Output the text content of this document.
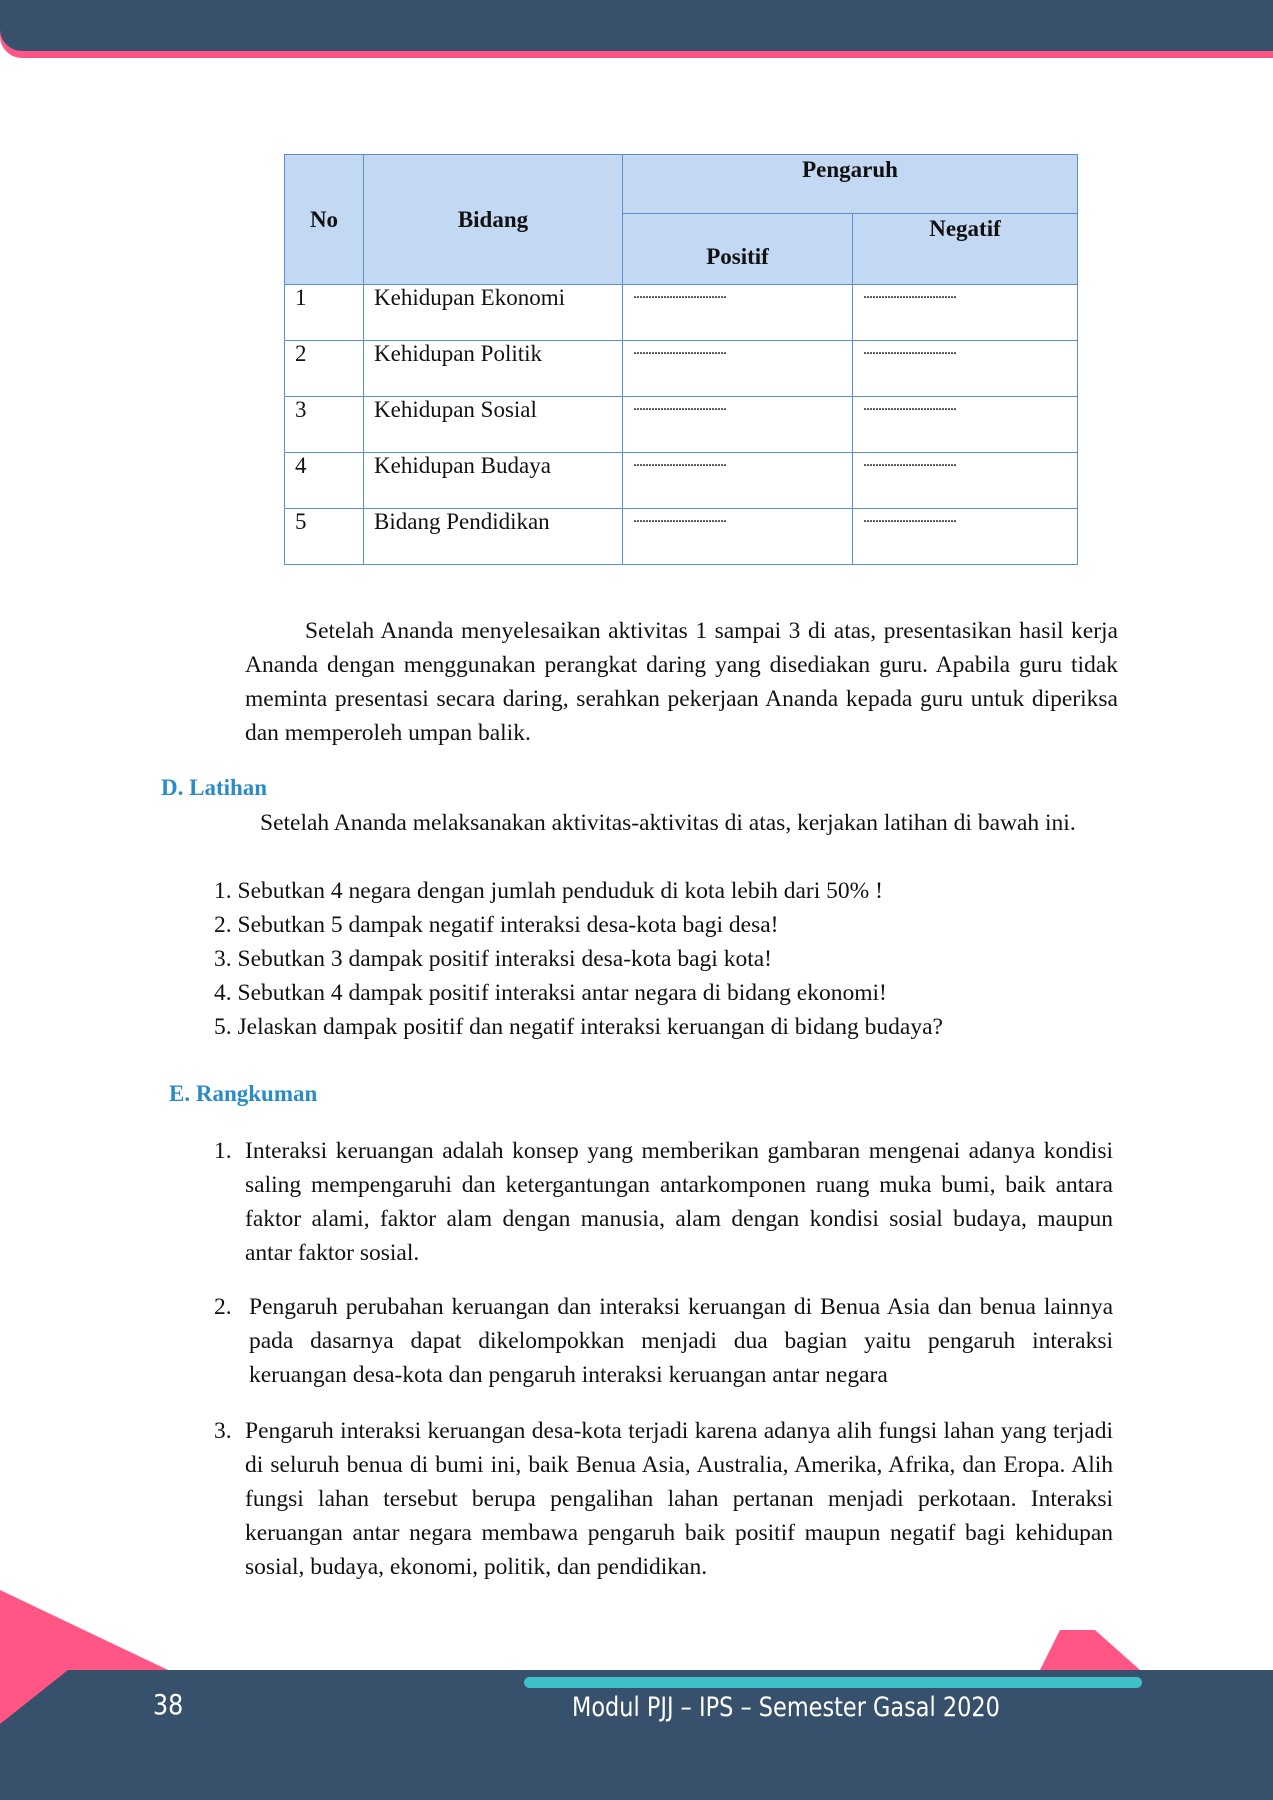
No	Bidang	Pengaruh	
		Positif	Negatif
1	Kehidupan Ekonomi	...............................	...............................
2	Kehidupan Politik	...............................	...............................
3	Kehidupan Sosial	...............................	...............................
4	Kehidupan Budaya	...............................	...............................
5	Bidang Pendidikan	...............................	...............................
Setelah Ananda menyelesaikan aktivitas 1 sampai 3 di atas, presentasikan hasil kerja Ananda dengan menggunakan perangkat daring yang disediakan guru. Apabila guru tidak meminta presentasi secara daring, serahkan pekerjaan Ananda kepada guru untuk diperiksa dan memperoleh umpan balik.
D. Latihan
Setelah Ananda melaksanakan aktivitas-aktivitas di atas, kerjakan latihan di bawah ini.
1. Sebutkan 4 negara dengan jumlah penduduk di kota lebih dari 50% !
2. Sebutkan 5 dampak negatif interaksi desa-kota bagi desa!
3. Sebutkan 3 dampak positif interaksi desa-kota bagi kota!
4. Sebutkan 4 dampak positif interaksi antar negara di bidang ekonomi!
5. Jelaskan dampak positif dan negatif interaksi keruangan di bidang budaya?
E. Rangkuman
1. Interaksi keruangan adalah konsep yang memberikan gambaran mengenai adanya kondisi saling mempengaruhi dan ketergantungan antarkomponen ruang muka bumi, baik antara faktor alami, faktor alam dengan manusia, alam dengan kondisi sosial budaya, maupun antar faktor sosial.
2. Pengaruh perubahan keruangan dan interaksi keruangan di Benua Asia dan benua lainnya pada dasarnya dapat dikelompokkan menjadi dua bagian yaitu pengaruh interaksi keruangan desa-kota dan pengaruh interaksi keruangan antar negara
3. Pengaruh interaksi keruangan desa-kota terjadi karena adanya alih fungsi lahan yang terjadi di seluruh benua di bumi ini, baik Benua Asia, Australia, Amerika, Afrika, dan Eropa. Alih fungsi lahan tersebut berupa pengalihan lahan pertanan menjadi perkotaan. Interaksi keruangan antar negara membawa pengaruh baik positif maupun negatif bagi kehidupan sosial, budaya, ekonomi, politik, dan pendidikan.
38	Modul PJJ – IPS – Semester Gasal 2020
